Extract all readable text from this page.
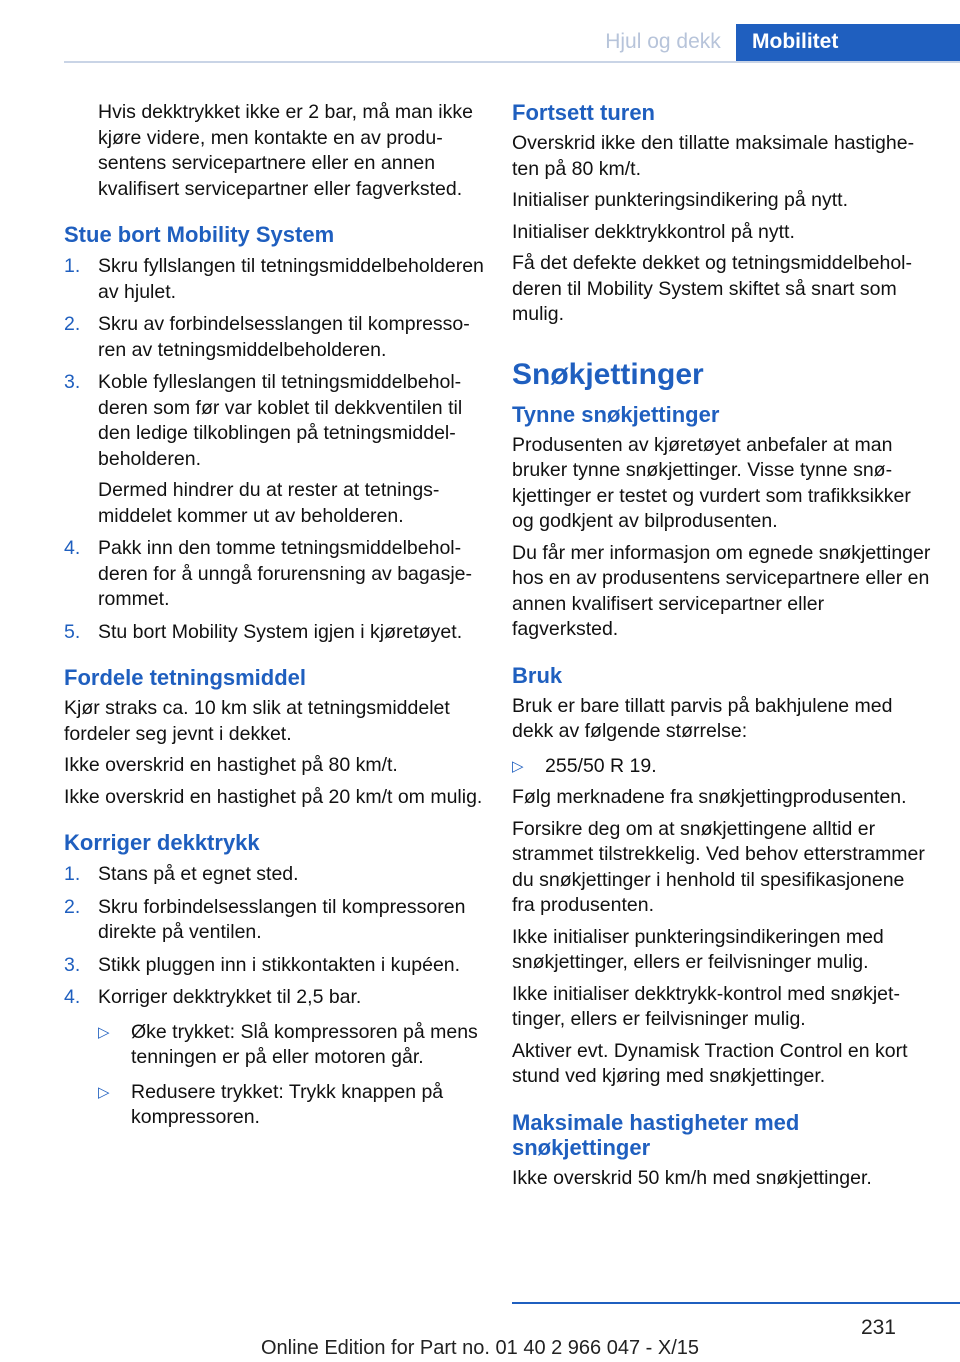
Hjul og dekk	Mobilitet

Hvis dekktrykket ikke er 2 bar, må man ikke kjøre videre, men kontakte en av produsentens servicepartnere eller en annen kvalifisert servicepartner eller fagverksted.

Stue bort Mobility System
1. Skru fyllslangen til tetningsmiddelbeholderen av hjulet.
2. Skru av forbindelsesslangen til kompressoren av tetningsmiddelbeholderen.
3. Koble fylleslangen til tetningsmiddelbeholderen som før var koblet til dekkventilen til den ledige tilkoblingen på tetningsmiddelbeholderen.

Dermed hindrer du at rester at tetningsmiddelet kommer ut av beholderen.

4. Pakk inn den tomme tetningsmiddelbeholderen for å unngå forurensning av bagasjerommet.
5. Stu bort Mobility System igjen i kjøretøyet.
Fordele tetningsmiddel

Kjør straks ca. 10 km slik at tetningsmiddelet fordeler seg jevnt i dekket.

Ikke overskrid en hastighet på 80 km/t.

Ikke overskrid en hastighet på 20 km/t om mulig.

Korriger dekktrykk
1. Stans på et egnet sted.
2. Skru forbindelsesslangen til kompressoren direkte på ventilen.
3. Stikk pluggen inn i stikkontakten i kupéen.
4. Korriger dekktrykket til 2,5 bar.
▷ Øke trykket: Slå kompressoren på mens tenningen er på eller motoren går.
▷ Redusere trykket: Trykk knappen på kompressoren.
Fortsett turen

Overskrid ikke den tillatte maksimale hastigheten på 80 km/t.

Initialiser punkteringsindikering på nytt.

Initialiser dekktrykkontrol på nytt.

Få det defekte dekket og tetningsmiddelbeholderen til Mobility System skiftet så snart som mulig.

Snøkjettinger
Tynne snøkjettinger

Produsenten av kjøretøyet anbefaler at man bruker tynne snøkjettinger. Visse tynne snøkjettinger er testet og vurdert som trafikksikker og godkjent av bilprodusenten.

Du får mer informasjon om egnede snøkjettinger hos en av produsentens servicepartnere eller en annen kvalifisert servicepartner eller fagverksted.

Bruk

Bruk er bare tillatt parvis på bakhjulene med dekk av følgende størrelse:

▷ 255/50 R 19.

Følg merknadene fra snøkjettingprodusenten.

Forsikre deg om at snøkjettingene alltid er strammet tilstrekkelig. Ved behov etterstrammer du snøkjettinger i henhold til spesifikasjonene fra produsenten.

Ikke initialiser punkteringsindikeringen med snøkjettinger, ellers er feilvisninger mulig.

Ikke initialiser dekktrykk-kontrol med snøkjettinger, ellers er feilvisninger mulig.

Aktiver evt. Dynamisk Traction Control en kort stund ved kjøring med snøkjettinger.

Maksimale hastigheter med snøkjettinger

Ikke overskrid 50 km/h med snøkjettinger.

231
Online Edition for Part no. 01 40 2 966 047 - X/15
